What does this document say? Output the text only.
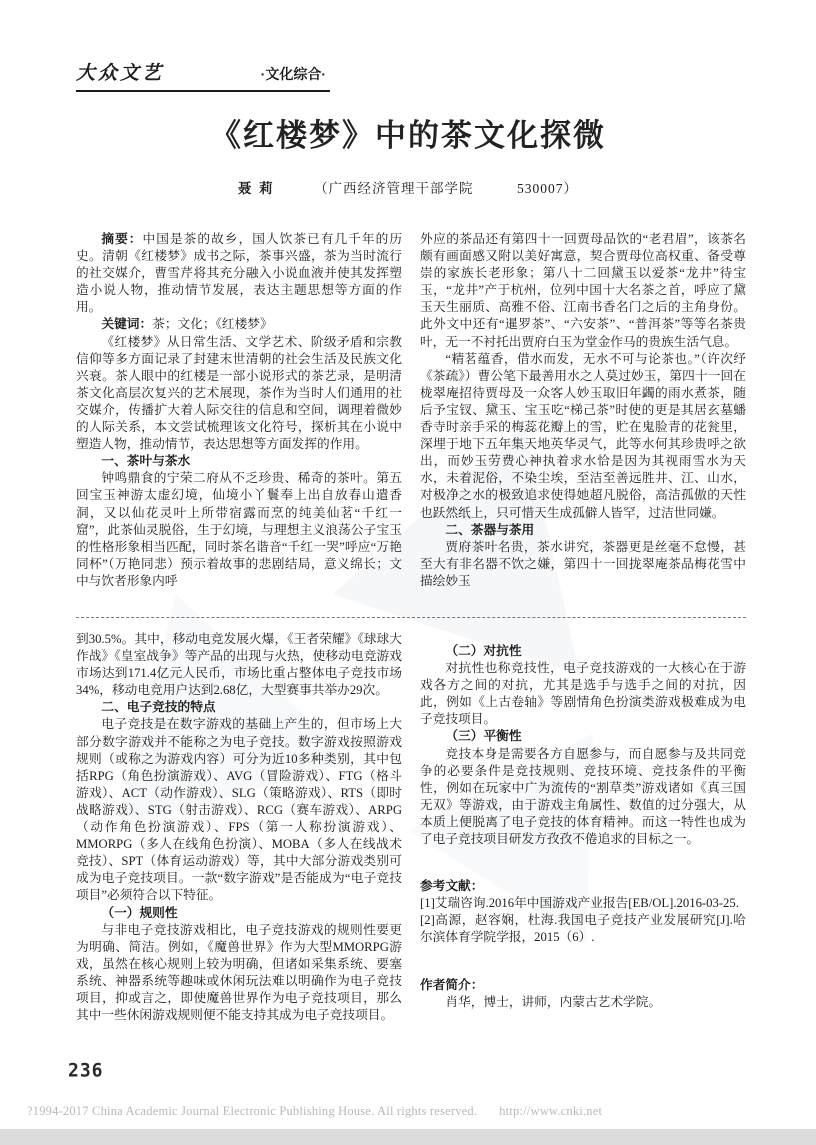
大众文艺	·文化综合·
《红楼梦》中的茶文化探微
聂 莉	（广西经济管理干部学院　　　530007）

摘要：中国是茶的故乡，国人饮茶已有几千年的历史。清朝《红楼梦》成书之际，茶事兴盛，茶为当时流行的社交媒介，曹雪芹将其充分融入小说血液并使其发挥塑造小说人物，推动情节发展，表达主题思想等方面的作用。

关键词：茶；文化；《红楼梦》

《红楼梦》从日常生活、文学艺术、阶级矛盾和宗教信仰等多方面记录了封建末世清朝的社会生活及民族文化兴衰。茶人眼中的红楼是一部小说形式的茶艺录，是明清茶文化高层次复兴的艺术展现，茶作为当时人们通用的社交媒介，传播扩大着人际交往的信息和空间，调理着微妙的人际关系，本文尝试梳理该文化符号，探析其在小说中塑造人物，推动情节，表达思想等方面发挥的作用。

一、茶叶与茶水

钟鸣鼎食的宁荣二府从不乏珍贵、稀奇的茶叶。第五回宝玉神游太虚幻境，仙境小丫鬟奉上出自放春山遣香洞，又以仙花灵叶上所带宿露而烹的纯美仙茗“千红一窟”，此茶仙灵脱俗，生于幻境，与理想主义浪荡公子宝玉的性格形象相当匹配，同时茶名谐音“千红一哭”呼应“万艳同杯”（万艳同悲）预示着故事的悲剧结局，意义绵长；文中与饮者形象内呼

外应的茶品还有第四十一回贾母品饮的“老君眉”，该茶名颇有画面感又附以美好寓意，契合贾母位高权重、备受尊崇的家族长老形象；第八十二回黛玉以爱茶“龙井”待宝玉，“龙井”产于杭州，位列中国十大名茶之首，呼应了黛玉天生丽质、高雅不俗、江南书香名门之后的主角身份。此外文中还有“暹罗茶”、“六安茶”、“普洱茶”等等名茶贵叶，无一不衬托出贾府白玉为堂金作马的贵族生活气息。

“精茗蕴香，借水而发，无水不可与论茶也。”（许次纾《茶疏》）曹公笔下最善用水之人莫过妙玉，第四十一回在栊翠庵招待贾母及一众客人妙玉取旧年蠲的雨水煮茶，随后予宝钗、黛玉、宝玉吃“梯己茶”时使的更是其居玄墓蟠香寺时亲手采的梅蕊花瓣上的雪，贮在鬼脸青的花瓮里，深埋于地下五年集天地英华灵气，此等水何其珍贵呼之欲出，而妙玉劳费心神执着求水恰是因为其视雨雪水为天水，未着泥俗，不染尘埃，至洁至善远胜井、江、山水，对极净之水的极致追求使得她超凡脱俗，高洁孤傲的天性也跃然纸上，只可惜天生成孤僻人皆罕，过洁世同嫌。

二、茶器与茶用

贾府茶叶名贵，茶水讲究，茶器更是丝毫不怠慢，甚至大有非名器不饮之嫌，第四十一回拢翠庵茶品梅花雪中描绘妙玉

到30.5%。其中，移动电竞发展火爆，《王者荣耀》《球球大作战》《皇室战争》等产品的出现与火热，使移动电竞游戏市场达到171.4亿元人民币，市场比重占整体电子竞技市场34%，移动电竞用户达到2.68亿，大型赛事共举办29次。

二、电子竞技的特点

电子竞技是在数字游戏的基础上产生的，但市场上大部分数字游戏并不能称之为电子竞技。数字游戏按照游戏规则（或称之为游戏内容）可分为近10多种类别，其中包括RPG（角色扮演游戏）、AVG（冒险游戏）、FTG（格斗游戏）、ACT（动作游戏）、SLG（策略游戏）、RTS（即时战略游戏）、STG（射击游戏）、RCG（赛车游戏）、ARPG（动作角色扮演游戏）、FPS（第一人称扮演游戏）、MMORPG（多人在线角色扮演）、MOBA（多人在线战术竞技）、SPT（体育运动游戏）等，其中大部分游戏类别可成为电子竞技项目。一款“数字游戏”是否能成为“电子竞技项目”必须符合以下特征。

（一）规则性

与非电子竞技游戏相比，电子竞技游戏的规则性要更为明确、简洁。例如，《魔兽世界》作为大型MMORPG游戏，虽然在核心规则上较为明确，但诸如采集系统、要塞系统、神器系统等趣味或休闲玩法难以明确作为电子竞技项目，抑或言之，即使魔兽世界作为电子竞技项目，那么其中一些休闲游戏规则便不能支持其成为电子竞技项目。

（二）对抗性

对抗性也称竞技性，电子竞技游戏的一大核心在于游戏各方之间的对抗，尤其是选手与选手之间的对抗，因此，例如《上古卷轴》等剧情角色扮演类游戏极难成为电子竞技项目。

（三）平衡性

竞技本身是需要各方自愿参与，而自愿参与及共同竞争的必要条件是竞技规则、竞技环境、竞技条件的平衡性，例如在玩家中广为流传的“割草类”游戏诸如《真三国无双》等游戏，由于游戏主角属性、数值的过分强大，从本质上便脱离了电子竞技的体育精神。而这一特性也成为了电子竞技项目研发方孜孜不倦追求的目标之一。

参考文献：

[1]艾瑞咨询.2016年中国游戏产业报告[EB/OL].2016-03-25.

[2]高源，赵容娴，杜海.我国电子竞技产业发展研究[J].哈尔滨体育学院学报，2015（6）.

作者简介：

肖华，博士，讲师，内蒙古艺术学院。

236
?1994-2017 China Academic Journal Electronic Publishing House. All rights reserved. http://www.cnki.net
